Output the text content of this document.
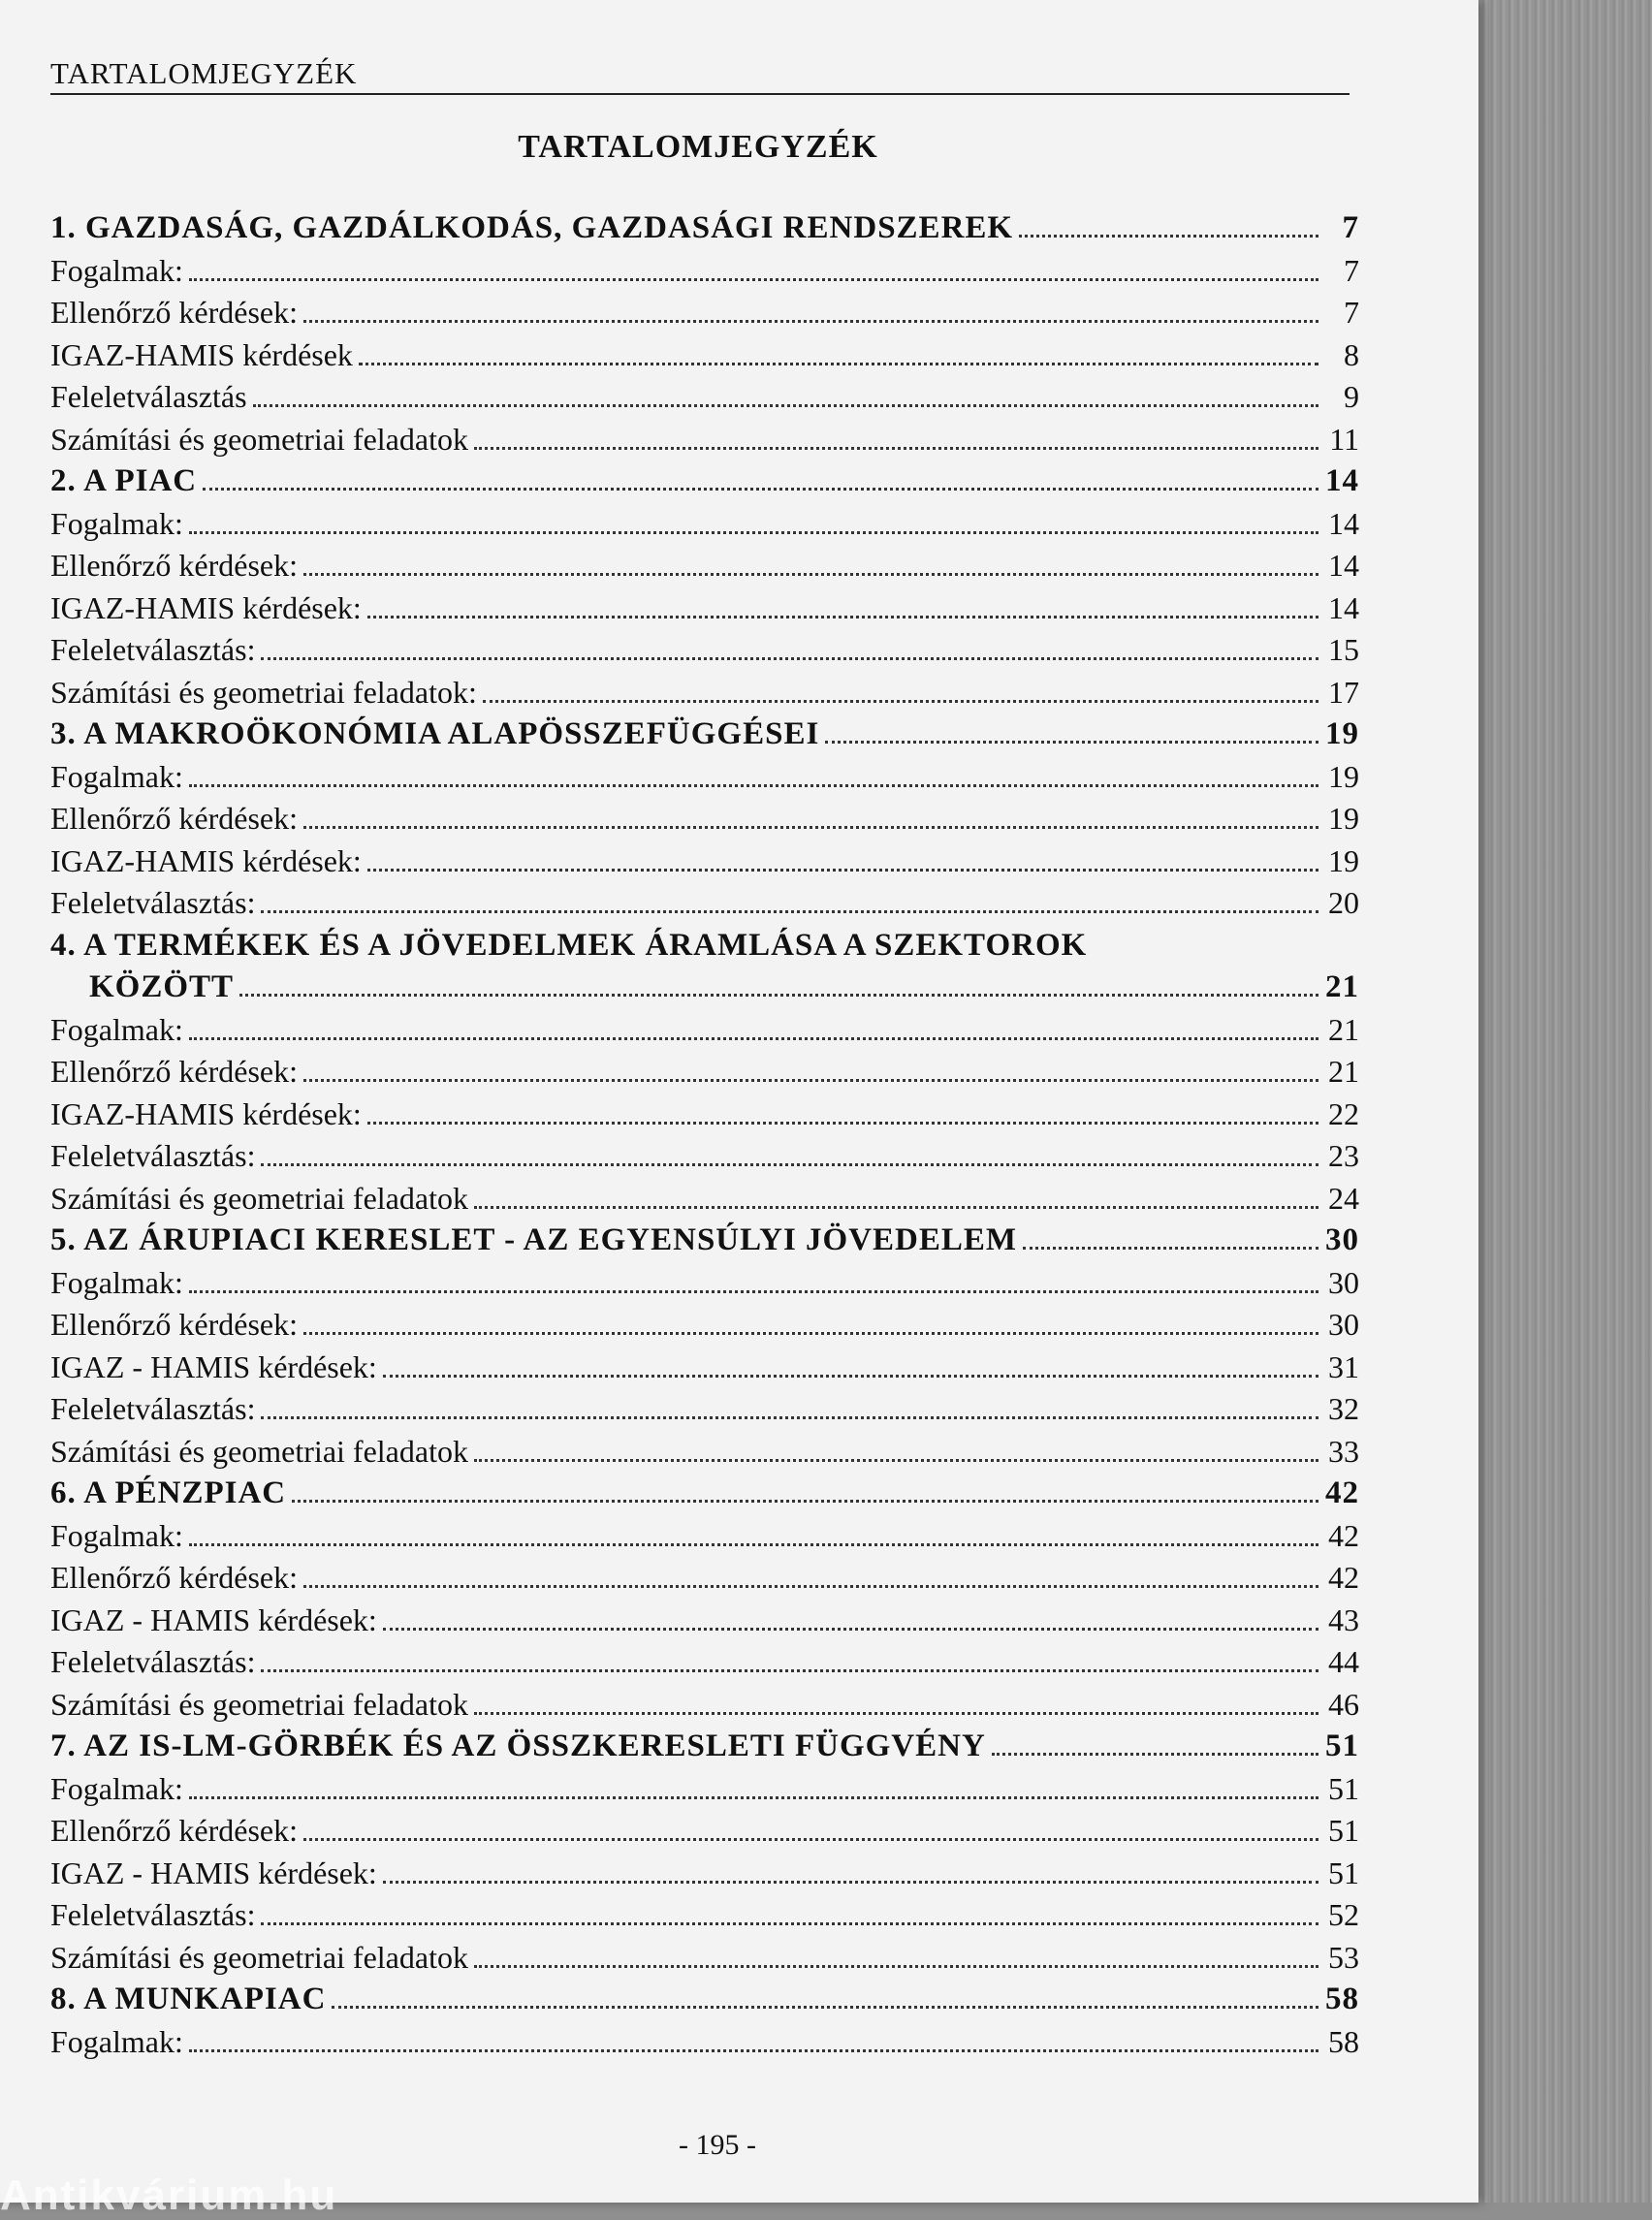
TARTALOMJEGYZÉK
TARTALOMJEGYZÉK
1. GAZDASÁG, GAZDÁLKODÁS, GAZDASÁGI RENDSZEREK	7
Fogalmak:	7
Ellenőrző kérdések:	7
IGAZ-HAMIS kérdések	8
Feleletválasztás	9
Számítási és geometriai feladatok	11
2. A PIAC	14
Fogalmak:	14
Ellenőrző kérdések:	14
IGAZ-HAMIS kérdések:	14
Feleletválasztás:	15
Számítási és geometriai feladatok:	17
3. A MAKROÖKONÓMIA ALAPÖSSZEFÜGGÉSEI	19
Fogalmak:	19
Ellenőrző kérdések:	19
IGAZ-HAMIS kérdések:	19
Feleletválasztás:	20
4. A TERMÉKEK ÉS A JÖVEDELMEK ÁRAMLÁSA A SZEKTOROK
KÖZÖTT	21
Fogalmak:	21
Ellenőrző kérdések:	21
IGAZ-HAMIS kérdések:	22
Feleletválasztás:	23
Számítási és geometriai feladatok	24
5. AZ ÁRUPIACI KERESLET - AZ EGYENSÚLYI JÖVEDELEM	30
Fogalmak:	30
Ellenőrző kérdések:	30
IGAZ - HAMIS kérdések:	31
Feleletválasztás:	32
Számítási és geometriai feladatok	33
6. A PÉNZPIAC	42
Fogalmak:	42
Ellenőrző kérdések:	42
IGAZ - HAMIS kérdések:	43
Feleletválasztás:	44
Számítási és geometriai feladatok	46
7. AZ IS-LM-GÖRBÉK ÉS AZ ÖSSZKERESLETI FÜGGVÉNY	51
Fogalmak:	51
Ellenőrző kérdések:	51
IGAZ - HAMIS kérdések:	51
Feleletválasztás:	52
Számítási és geometriai feladatok	53
8. A MUNKAPIAC	58
Fogalmak:	58
- 195 -
Antikvárium.hu
